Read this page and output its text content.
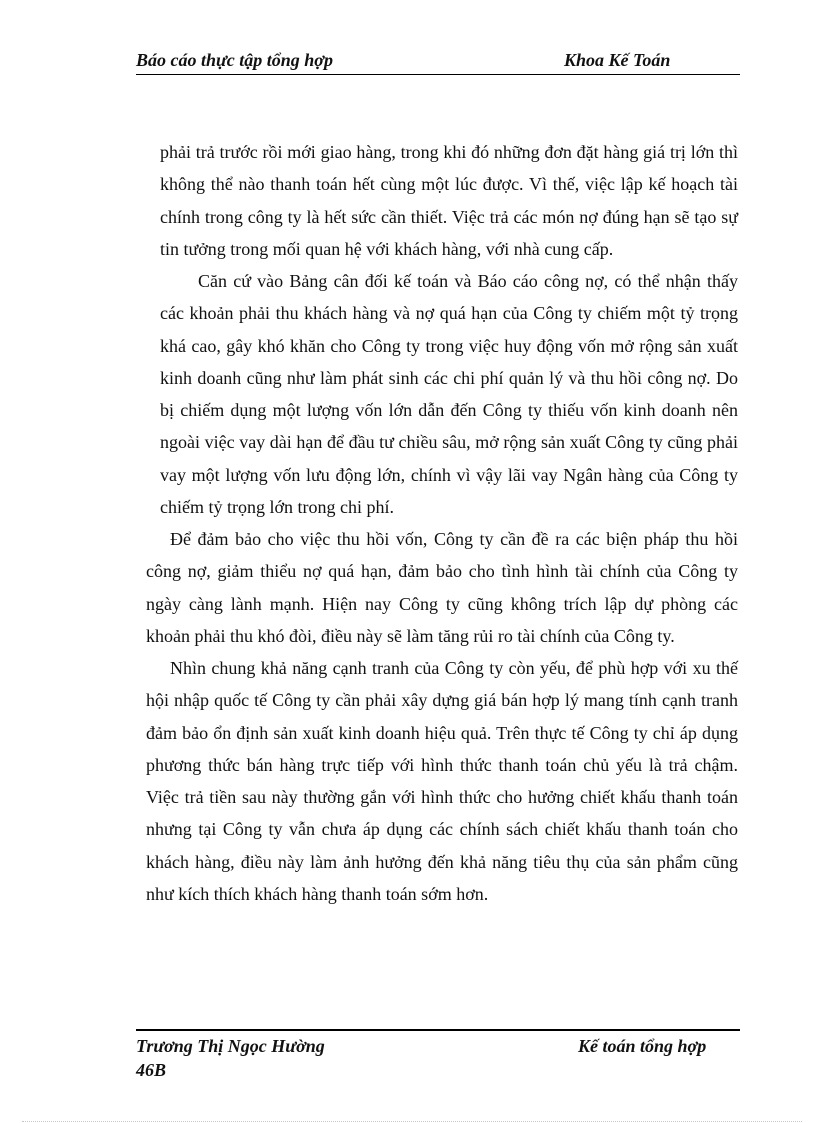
Báo cáo thực tập tổng hợp	Khoa Kế Toán

phải trả trước rồi mới giao hàng, trong khi đó những đơn đặt hàng giá trị lớn thì không thể nào thanh toán hết cùng một lúc được. Vì thế, việc lập kế hoạch tài chính trong công ty là hết sức cần thiết. Việc trả các món nợ đúng hạn sẽ tạo sự tin tưởng trong mối quan hệ với khách hàng, với nhà cung cấp.

Căn cứ vào Bảng cân đối kế toán và Báo cáo công nợ, có thể nhận thấy các khoản phải thu khách hàng và nợ quá hạn của Công ty chiếm một tỷ trọng khá cao, gây khó khăn cho Công ty trong việc huy động vốn mở rộng sản xuất kinh doanh cũng như làm phát sinh các chi phí quản lý và thu hồi công nợ. Do bị chiếm dụng một lượng vốn lớn dẫn đến Công ty thiếu vốn kinh doanh nên ngoài việc vay dài hạn để đầu tư chiều sâu, mở rộng sản xuất Công ty cũng phải vay một lượng vốn lưu động lớn, chính vì vậy lãi vay Ngân hàng của Công ty chiếm tỷ trọng lớn trong chi phí.

Để đảm bảo cho việc thu hồi vốn, Công ty cần đề ra các biện pháp thu hồi công nợ, giảm thiểu nợ quá hạn, đảm bảo cho tình hình tài chính của Công ty ngày càng lành mạnh. Hiện nay Công ty cũng không trích lập dự phòng các khoản phải thu khó đòi, điều này sẽ làm tăng rủi ro tài chính của Công ty.

Nhìn chung khả năng cạnh tranh của Công ty còn yếu, để phù hợp với xu thế hội nhập quốc tế Công ty cần phải xây dựng giá bán hợp lý mang tính cạnh tranh đảm bảo ổn định sản xuất kinh doanh hiệu quả. Trên thực tế Công ty chỉ áp dụng phương thức bán hàng trực tiếp với hình thức thanh toán chủ yếu là trả chậm. Việc trả tiền sau này thường gắn với hình thức cho hưởng chiết khấu thanh toán nhưng tại Công ty vẫn chưa áp dụng các chính sách chiết khấu thanh toán cho khách hàng, điều này làm ảnh hưởng đến khả năng tiêu thụ của sản phẩm cũng như kích thích khách hàng thanh toán sớm hơn.

Trương Thị Ngọc Hường
46B
Kế toán tổng hợp
